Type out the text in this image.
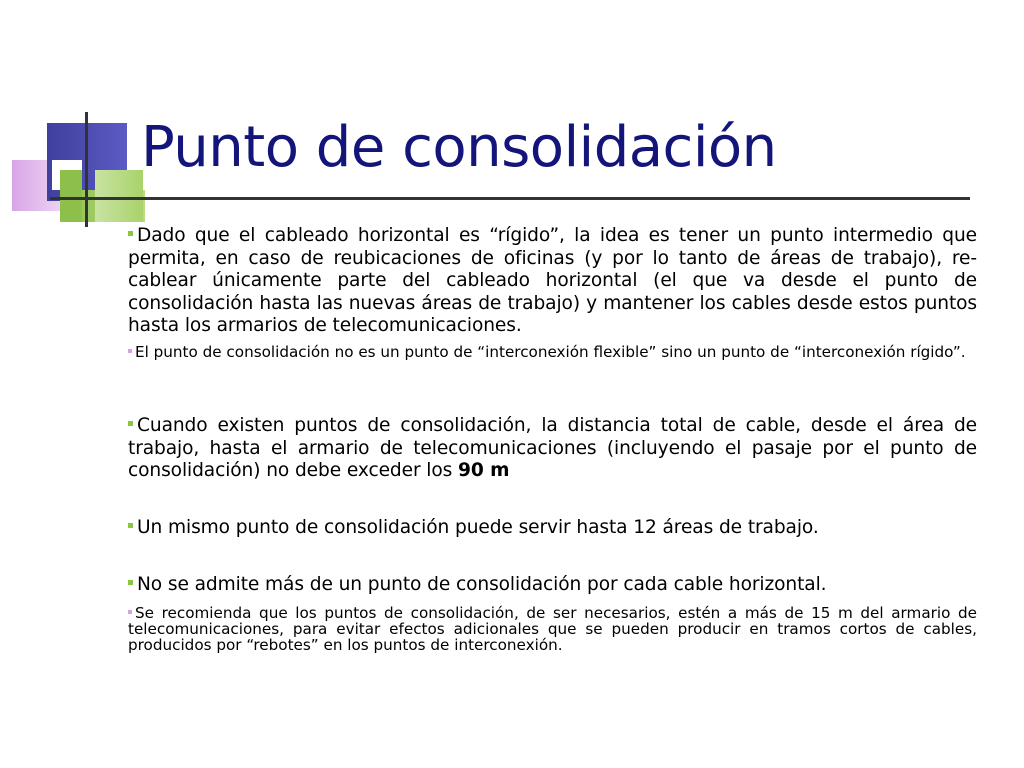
Punto de consolidación

Dado que el cableado horizontal es “rígido”, la idea es tener un punto intermedio que permita, en caso de reubicaciones de oficinas (y por lo tanto de áreas de trabajo), re-cablear únicamente parte del cableado horizontal (el que va desde el punto de consolidación hasta las nuevas áreas de trabajo) y mantener los cables desde estos puntos hasta los armarios de telecomunicaciones.

El punto de consolidación no es un punto de “interconexión flexible” sino un punto de “interconexión rígido”.

Cuando existen puntos de consolidación, la distancia total de cable, desde el área de trabajo, hasta el armario de telecomunicaciones (incluyendo el pasaje por el punto de consolidación) no debe exceder los 90 m

Un mismo punto de consolidación puede servir hasta 12 áreas de trabajo.

No se admite más de un punto de consolidación por cada cable horizontal.

Se recomienda que los puntos de consolidación, de ser necesarios, estén a más de 15 m del armario de telecomunicaciones, para evitar efectos adicionales que se pueden producir en tramos cortos de cables, producidos por “rebotes” en los puntos de interconexión.
